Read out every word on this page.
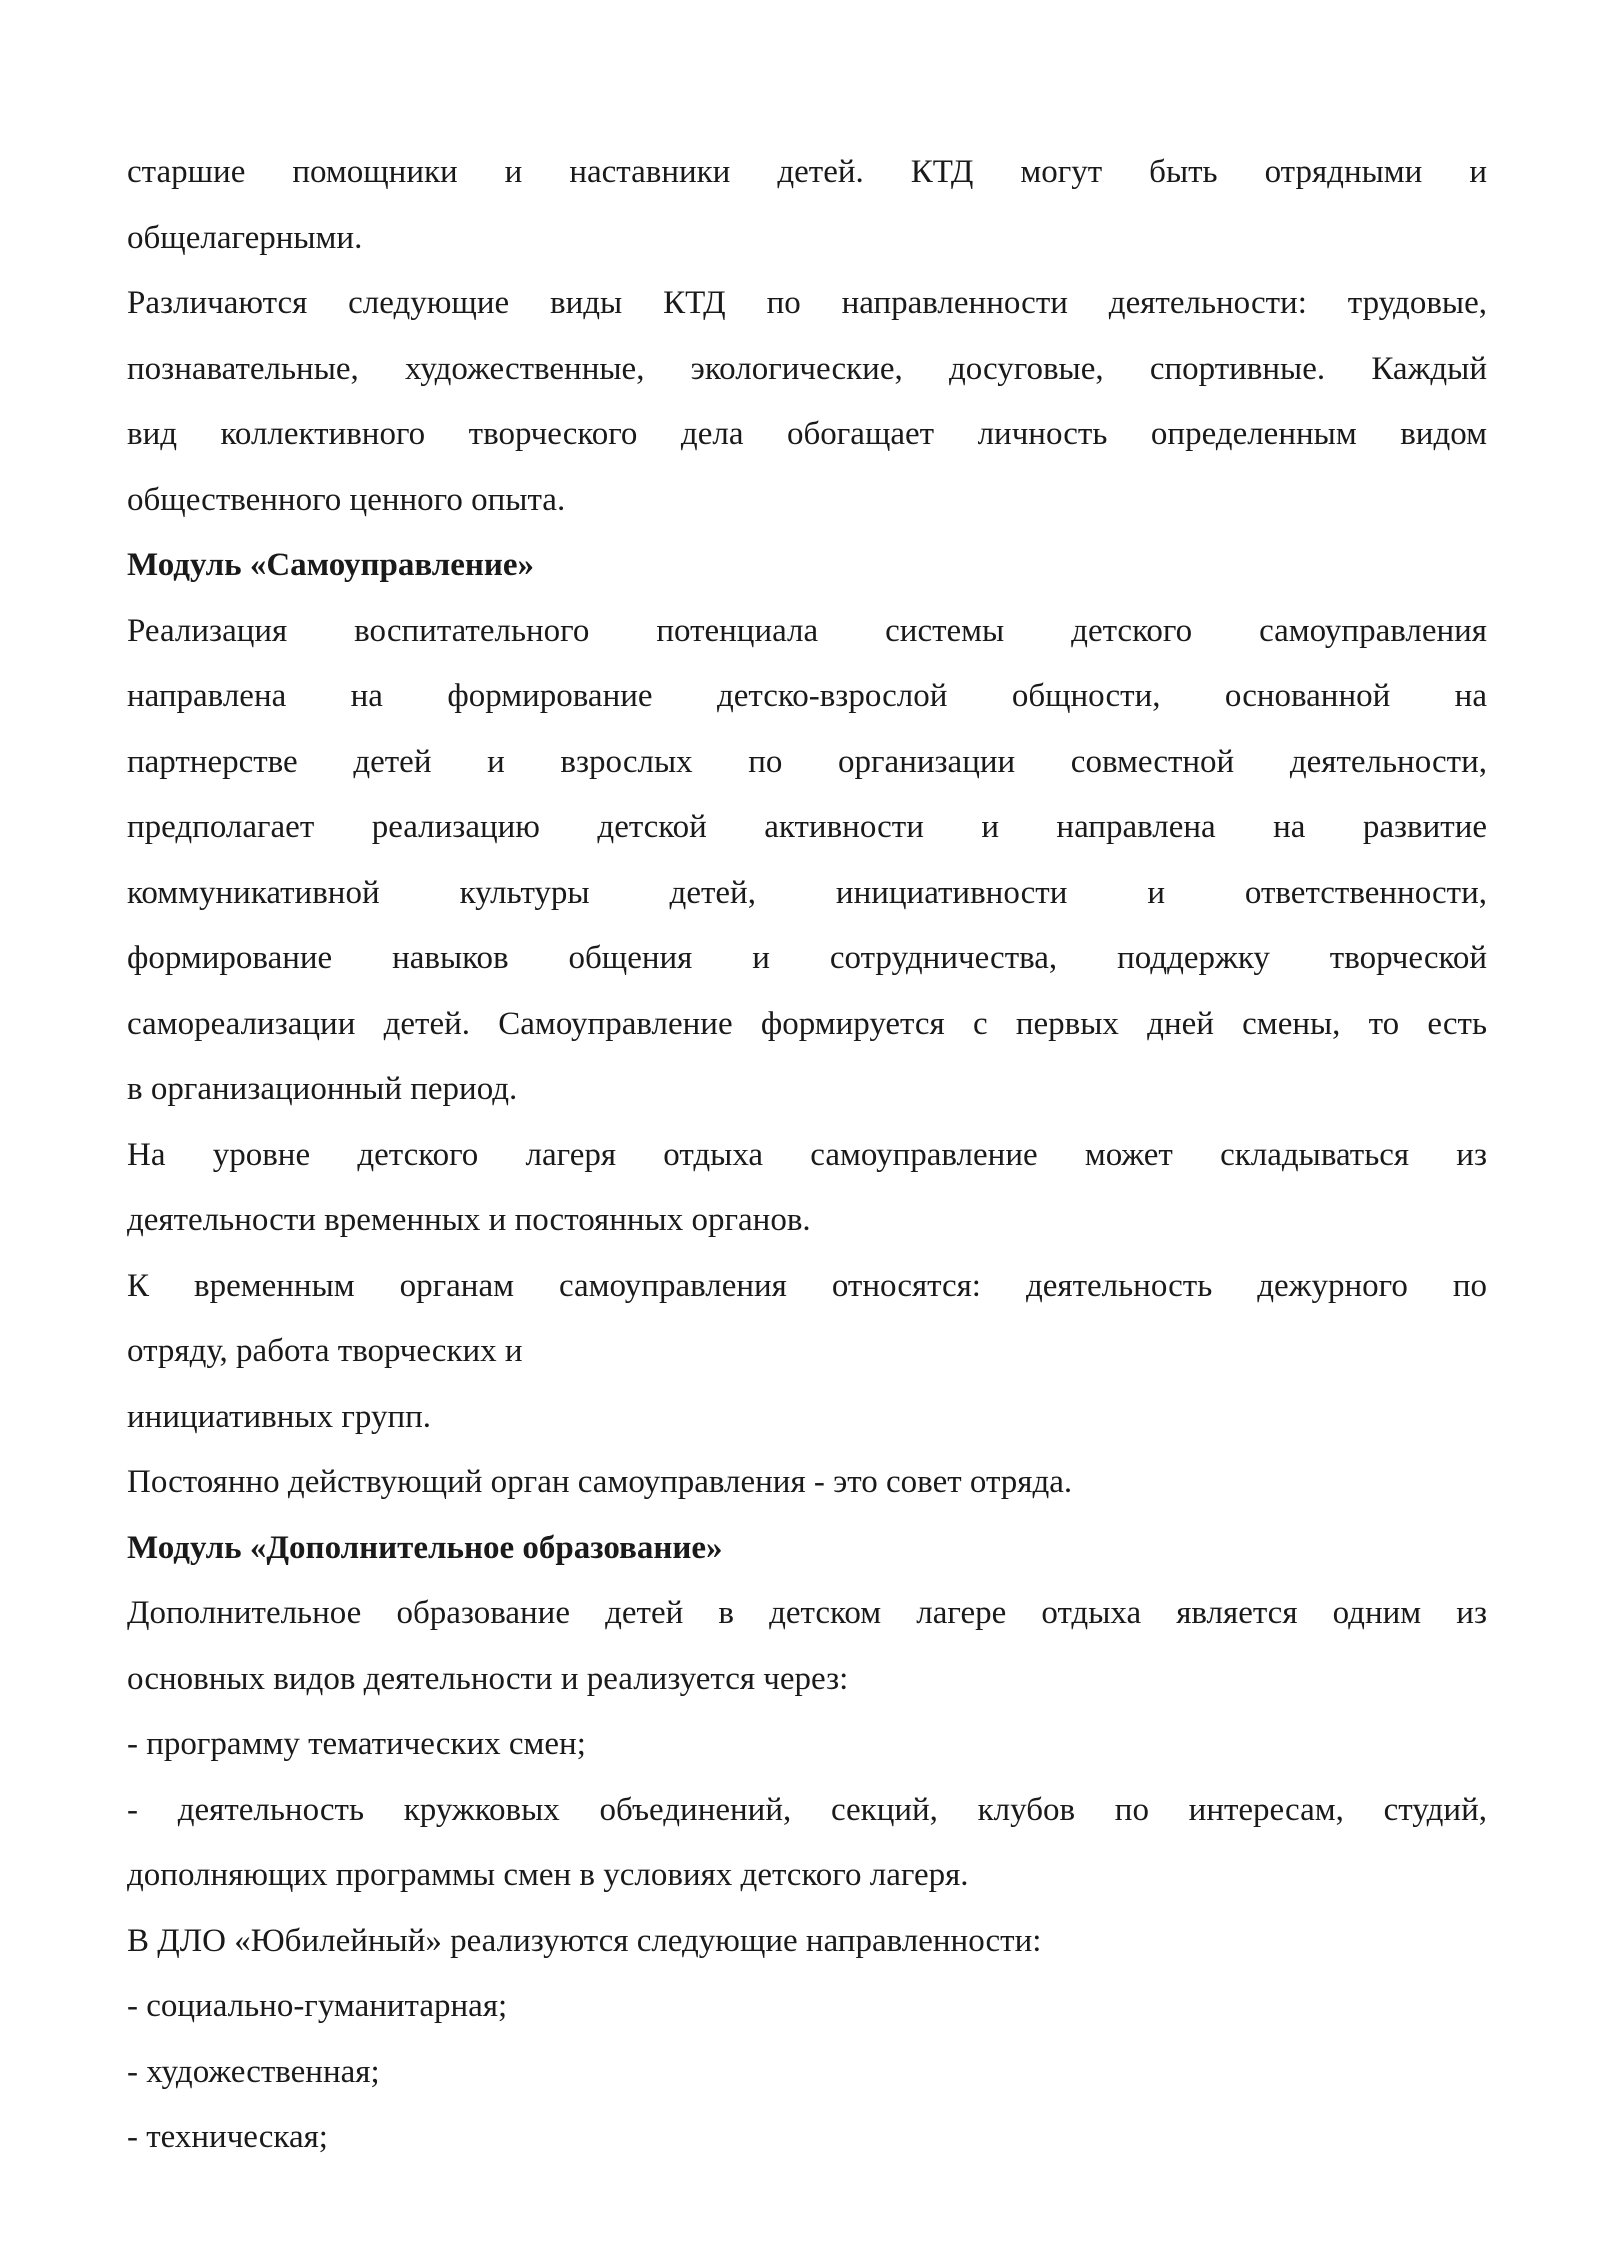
старшие помощники и наставники детей. КТД могут быть отрядными и
общелагерными.
Различаются следующие виды КТД по направленности деятельности: трудовые,
познавательные, художественные, экологические, досуговые, спортивные. Каждый
вид коллективного творческого дела обогащает личность определенным видом
общественного ценного опыта.
Модуль «Самоуправление»
Реализация воспитательного потенциала системы детского самоуправления
направлена на формирование детско-взрослой общности, основанной на
партнерстве детей и взрослых по организации совместной деятельности,
предполагает реализацию детской активности и направлена на развитие
коммуникативной культуры детей, инициативности и ответственности,
формирование навыков общения и сотрудничества, поддержку творческой
самореализации детей. Самоуправление формируется с первых дней смены, то есть
в организационный период.
На уровне детского лагеря отдыха самоуправление может складываться из
деятельности временных и постоянных органов.
К временным органам самоуправления относятся: деятельность дежурного по
отряду, работа творческих и
инициативных групп.
Постоянно действующий орган самоуправления - это совет отряда.
Модуль «Дополнительное образование»
Дополнительное образование детей в детском лагере отдыха является одним из
основных видов деятельности и реализуется через:
- программу тематических смен;
- деятельность кружковых объединений, секций, клубов по интересам, студий,
дополняющих программы смен в условиях детского лагеря.
В ДЛО «Юбилейный» реализуются следующие направленности:
- социально-гуманитарная;
- художественная;
- техническая;
